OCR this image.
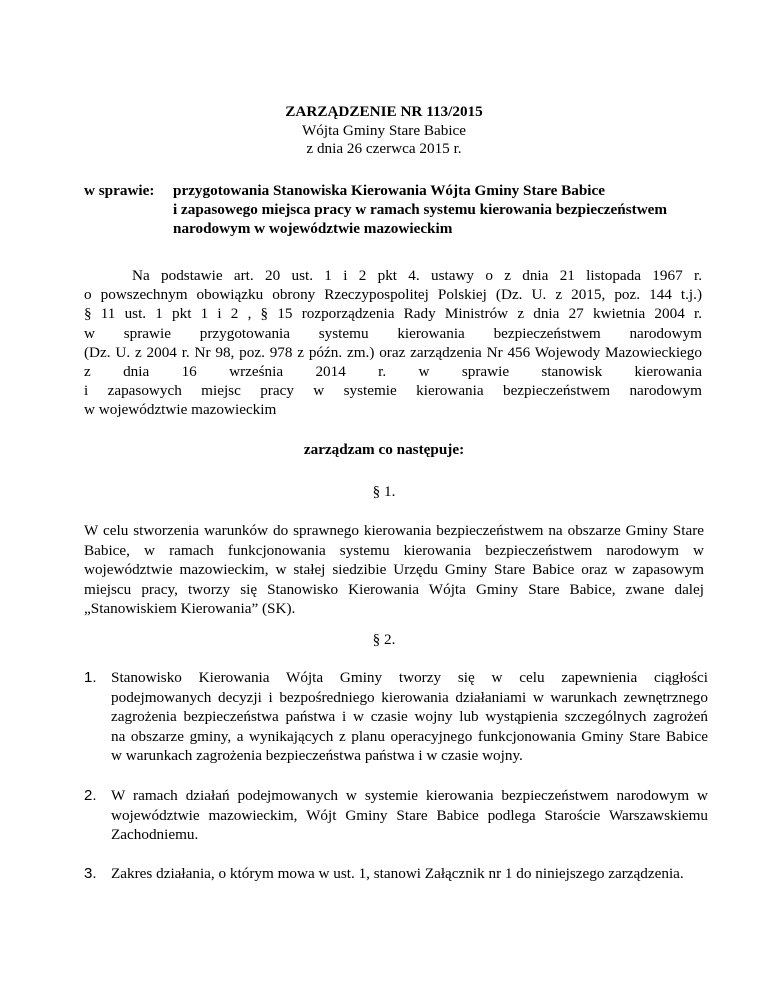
ZARZĄDZENIE NR 113/2015
Wójta Gminy Stare Babice
z dnia 26 czerwca 2015 r.
w sprawie: przygotowania Stanowiska Kierowania Wójta Gminy Stare Babice
i zapasowego miejsca pracy w ramach systemu kierowania bezpieczeństwem
narodowym w województwie mazowieckim
Na podstawie art. 20 ust. 1 i 2 pkt 4. ustawy o z dnia 21 listopada 1967 r.
o powszechnym obowiązku obrony Rzeczypospolitej Polskiej (Dz. U. z 2015, poz. 144 t.j.)
§ 11 ust. 1 pkt 1 i 2 , § 15 rozporządzenia Rady Ministrów z dnia 27 kwietnia 2004 r.
w sprawie przygotowania systemu kierowania bezpieczeństwem narodowym
(Dz. U. z 2004 r. Nr 98, poz. 978 z późn. zm.) oraz zarządzenia Nr 456 Wojewody Mazowieckiego
z dnia 16 września 2014 r. w sprawie stanowisk kierowania
i zapasowych miejsc pracy w systemie kierowania bezpieczeństwem narodowym
w województwie mazowieckim
zarządzam co następuje:
§ 1.
W celu stworzenia warunków do sprawnego kierowania bezpieczeństwem na obszarze Gminy Stare
Babice, w ramach funkcjonowania systemu kierowania bezpieczeństwem narodowym w
województwie mazowieckim, w stałej siedzibie Urzędu Gminy Stare Babice oraz w zapasowym
miejscu pracy, tworzy się Stanowisko Kierowania Wójta Gminy Stare Babice, zwane dalej
„Stanowiskiem Kierowania” (SK).
§ 2.
1. Stanowisko Kierowania Wójta Gminy tworzy się w celu zapewnienia ciągłości
podejmowanych decyzji i bezpośredniego kierowania działaniami w warunkach zewnętrznego
zagrożenia bezpieczeństwa państwa i w czasie wojny lub wystąpienia szczególnych zagrożeń
na obszarze gminy, a wynikających z planu operacyjnego funkcjonowania Gminy Stare Babice
w warunkach zagrożenia bezpieczeństwa państwa i w czasie wojny.
2. W ramach działań podejmowanych w systemie kierowania bezpieczeństwem narodowym w
województwie mazowieckim, Wójt Gminy Stare Babice podlega Staroście Warszawskiemu
Zachodniemu.
3. Zakres działania, o którym mowa w ust. 1, stanowi Załącznik nr 1 do niniejszego zarządzenia.
